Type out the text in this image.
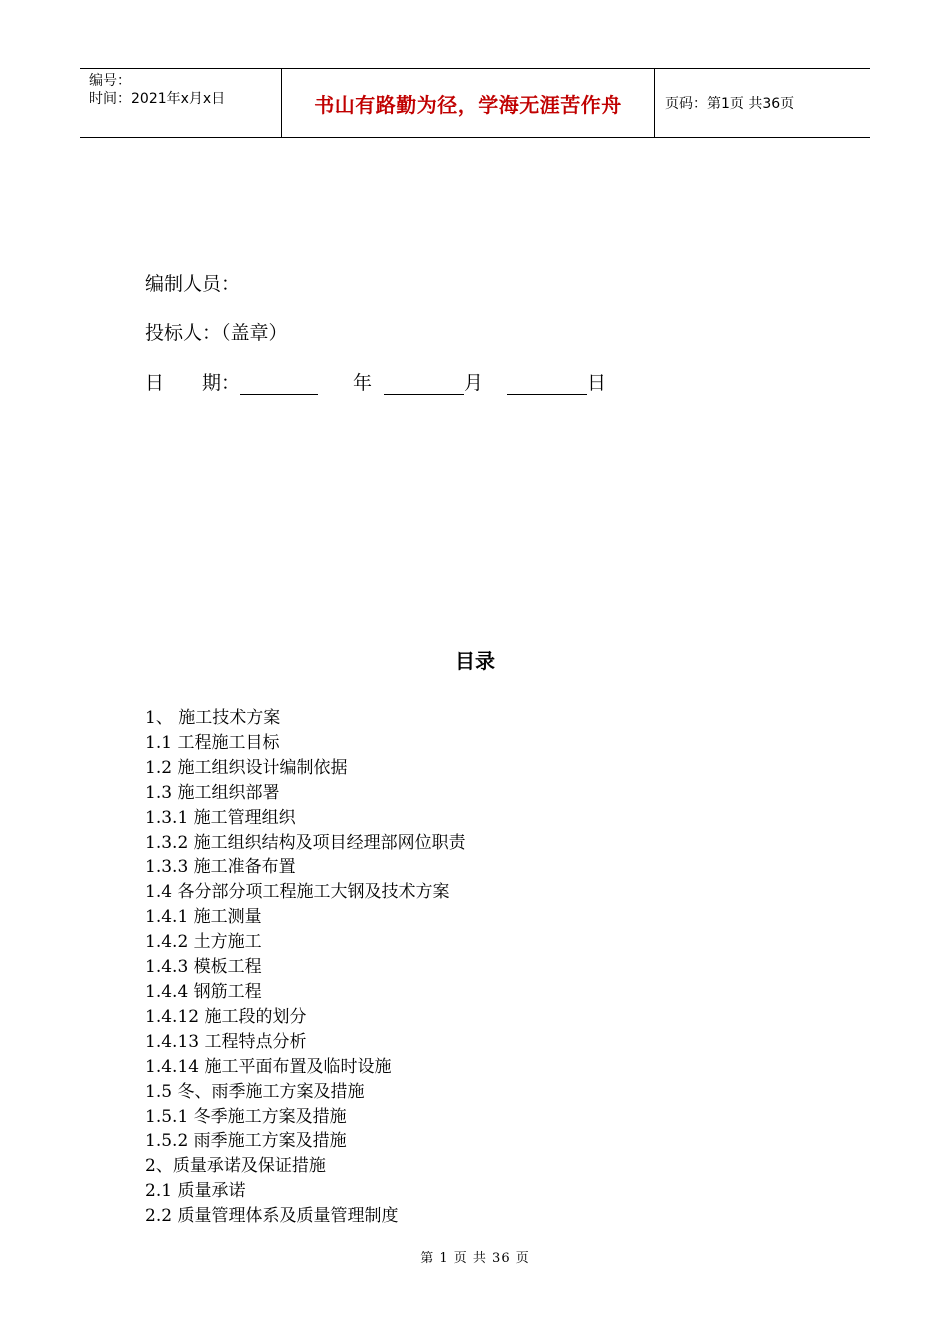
编号：
时间：2021年x月x日	书山有路勤为径，学海无涯苦作舟	页码：第1页 共36页
编制人员：
投标人：（盖章）
日　　期：	年	月	日
目录
1、 施工技术方案
1.1 工程施工目标
1.2 施工组织设计编制依据
1.3 施工组织部署
1.3.1 施工管理组织
1.3.2 施工组织结构及项目经理部网位职责
1.3.3 施工准备布置
1.4 各分部分项工程施工大钢及技术方案
1.4.1 施工测量
1.4.2 土方施工
1.4.3 模板工程
1.4.4 钢筋工程
1.4.12 施工段的划分
1.4.13 工程特点分析
1.4.14 施工平面布置及临时设施
1.5 冬、雨季施工方案及措施
1.5.1 冬季施工方案及措施
1.5.2 雨季施工方案及措施
2、质量承诺及保证措施
2.1 质量承诺
2.2 质量管理体系及质量管理制度
第 1 页 共 36 页
